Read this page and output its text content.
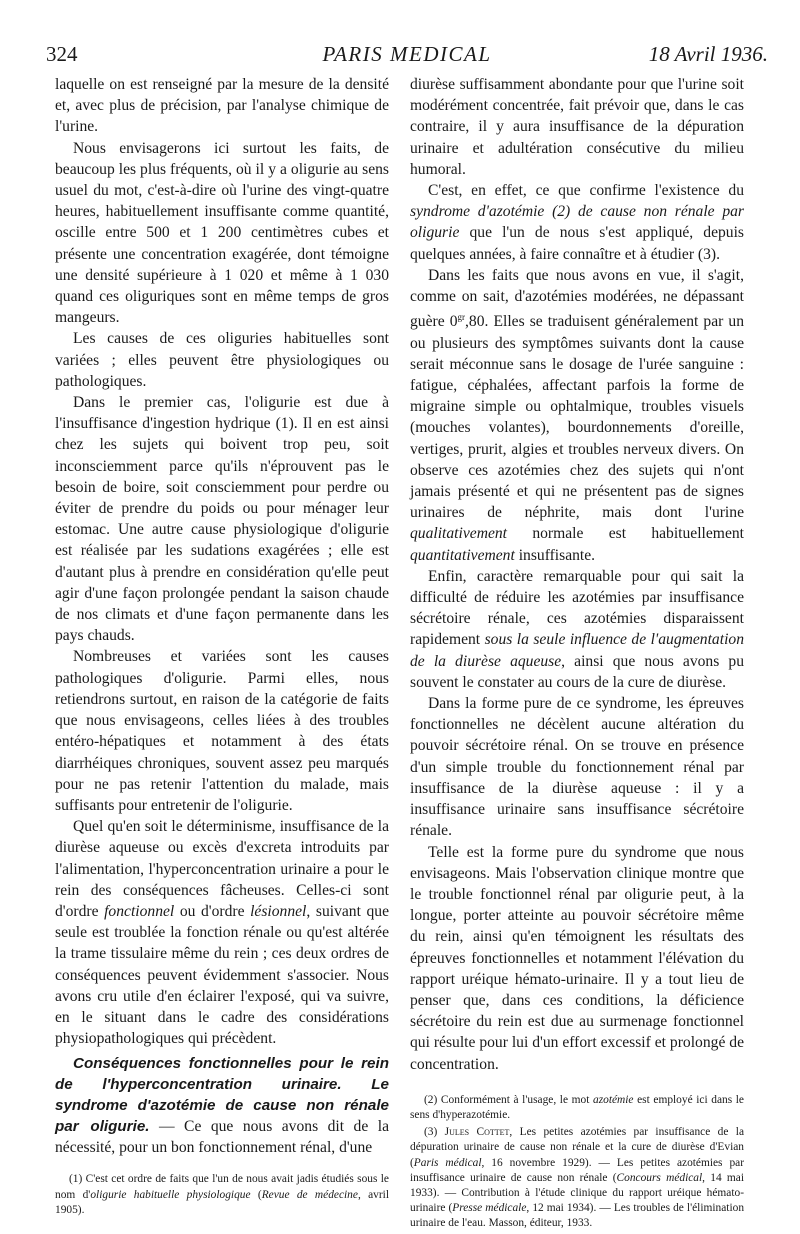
324	PARIS MEDICAL	18 Avril 1936.

laquelle on est renseigné par la mesure de la densité et, avec plus de précision, par l'analyse chimique de l'urine.

Nous envisagerons ici surtout les faits, de beaucoup les plus fréquents, où il y a oligurie au sens usuel du mot, c'est-à-dire où l'urine des vingt-quatre heures, habituellement insuffisante comme quantité, oscille entre 500 et 1 200 centimètres cubes et présente une concentration exagérée, dont témoigne une densité supérieure à 1 020 et même à 1 030 quand ces oliguriques sont en même temps de gros mangeurs.

Les causes de ces oliguries habituelles sont variées ; elles peuvent être physiologiques ou pathologiques.

Dans le premier cas, l'oligurie est due à l'insuffisance d'ingestion hydrique (1). Il en est ainsi chez les sujets qui boivent trop peu, soit inconsciemment parce qu'ils n'éprouvent pas le besoin de boire, soit consciemment pour perdre ou éviter de prendre du poids ou pour ménager leur estomac. Une autre cause physiologique d'oligurie est réalisée par les sudations exagérées ; elle est d'autant plus à prendre en considération qu'elle peut agir d'une façon prolongée pendant la saison chaude de nos climats et d'une façon permanente dans les pays chauds.

Nombreuses et variées sont les causes pathologiques d'oligurie. Parmi elles, nous retiendrons surtout, en raison de la catégorie de faits que nous envisageons, celles liées à des troubles entéro-hépatiques et notamment à des états diarrhéiques chroniques, souvent assez peu marqués pour ne pas retenir l'attention du malade, mais suffisants pour entretenir de l'oligurie.

Quel qu'en soit le déterminisme, insuffisance de la diurèse aqueuse ou excès d'excreta introduits par l'alimentation, l'hyperconcentration urinaire a pour le rein des conséquences fâcheuses. Celles-ci sont d'ordre fonctionnel ou d'ordre lésionnel, suivant que seule est troublée la fonction rénale ou qu'est altérée la trame tissulaire même du rein ; ces deux ordres de conséquences peuvent évidemment s'associer. Nous avons cru utile d'en éclairer l'exposé, qui va suivre, en le situant dans le cadre des considérations physiopathologiques qui précèdent.

Conséquences fonctionnelles pour le rein de l'hyperconcentration urinaire. Le syndrome d'azotémie de cause non rénale par oligurie. — Ce que nous avons dit de la nécessité, pour un bon fonctionnement rénal, d'une

(1) C'est cet ordre de faits que l'un de nous avait jadis étudiés sous le nom d'oligurie habituelle physiologique (Revue de médecine, avril 1905).

diurèse suffisamment abondante pour que l'urine soit modérément concentrée, fait prévoir que, dans le cas contraire, il y aura insuffisance de la dépuration urinaire et adultération consécutive du milieu humoral.

C'est, en effet, ce que confirme l'existence du syndrome d'azotémie (2) de cause non rénale par oligurie que l'un de nous s'est appliqué, depuis quelques années, à faire connaître et à étudier (3).

Dans les faits que nous avons en vue, il s'agit, comme on sait, d'azotémies modérées, ne dépassant guère $0^{gr},80$. Elles se traduisent généralement par un ou plusieurs des symptômes suivants dont la cause serait méconnue sans le dosage de l'urée sanguine : fatigue, céphalées, affectant parfois la forme de migraine simple ou ophtalmique, troubles visuels (mouches volantes), bourdonnements d'oreille, vertiges, prurit, algies et troubles nerveux divers. On observe ces azotémies chez des sujets qui n'ont jamais présenté et qui ne présentent pas de signes urinaires de néphrite, mais dont l'urine qualitativement normale est habituellement quantitativement insuffisante.

Enfin, caractère remarquable pour qui sait la difficulté de réduire les azotémies par insuffisance sécrétoire rénale, ces azotémies disparaissent rapidement sous la seule influence de l'augmentation de la diurèse aqueuse, ainsi que nous avons pu souvent le constater au cours de la cure de diurèse.

Dans la forme pure de ce syndrome, les épreuves fonctionnelles ne décèlent aucune altération du pouvoir sécrétoire rénal. On se trouve en présence d'un simple trouble du fonctionnement rénal par insuffisance de la diurèse aqueuse : il y a insuffisance urinaire sans insuffisance sécrétoire rénale.

Telle est la forme pure du syndrome que nous envisageons. Mais l'observation clinique montre que le trouble fonctionnel rénal par oligurie peut, à la longue, porter atteinte au pouvoir sécrétoire même du rein, ainsi qu'en témoignent les résultats des épreuves fonctionnelles et notamment l'élévation du rapport uréique hémato-urinaire. Il y a tout lieu de penser que, dans ces conditions, la déficience sécrétoire du rein est due au surmenage fonctionnel qui résulte pour lui d'un effort excessif et prolongé de concentration.

(2) Conformément à l'usage, le mot azotémie est employé ici dans le sens d'hyperazotémie.

(3) Jules Cottet, Les petites azotémies par insuffisance de la dépuration urinaire de cause non rénale et la cure de diurèse d'Evian (Paris médical, 16 novembre 1929). — Les petites azotémies par insuffisance urinaire de cause non rénale (Concours médical, 14 mai 1933). — Contribution à l'étude clinique du rapport uréique hémato-urinaire (Presse médicale, 12 mai 1934). — Les troubles de l'élimination urinaire de l'eau. Masson, éditeur, 1933.
